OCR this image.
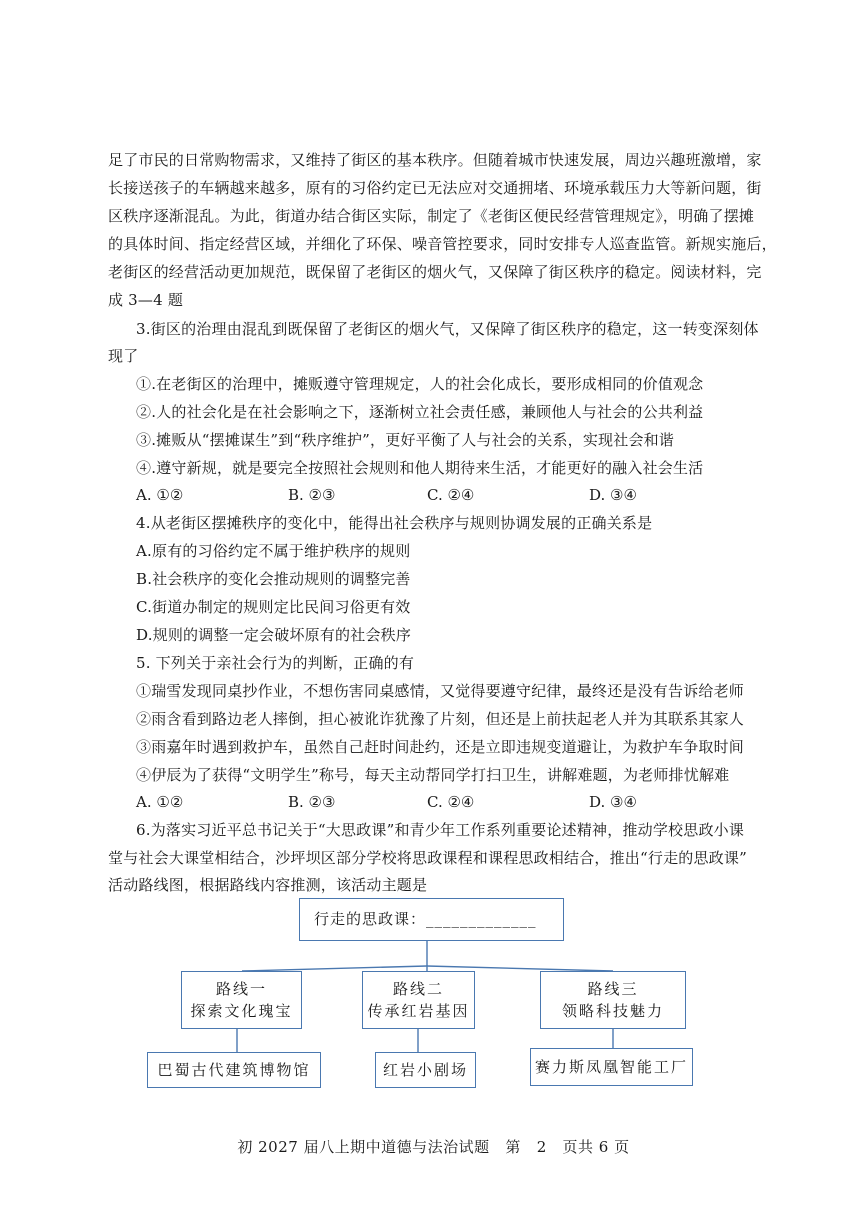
足了市民的日常购物需求，又维持了街区的基本秩序。但随着城市快速发展，周边兴趣班激增，家
长接送孩子的车辆越来越多，原有的习俗约定已无法应对交通拥堵、环境承载压力大等新问题，街
区秩序逐渐混乱。为此，街道办结合街区实际，制定了《老街区便民经营管理规定》，明确了摆摊
的具体时间、指定经营区域，并细化了环保、噪音管控要求，同时安排专人巡查监管。新规实施后，
老街区的经营活动更加规范，既保留了老街区的烟火气，又保障了街区秩序的稳定。阅读材料，完
成 3—4 题
3.街区的治理由混乱到既保留了老街区的烟火气，又保障了街区秩序的稳定，这一转变深刻体
现了
①.在老街区的治理中，摊贩遵守管理规定，人的社会化成长，要形成相同的价值观念
②.人的社会化是在社会影响之下，逐渐树立社会责任感，兼顾他人与社会的公共利益
③.摊贩从“摆摊谋生”到“秩序维护”，更好平衡了人与社会的关系，实现社会和谐
④.遵守新规，就是要完全按照社会规则和他人期待来生活，才能更好的融入社会生活
A. ①②	B. ②③	C. ②④	D. ③④
4.从老街区摆摊秩序的变化中，能得出社会秩序与规则协调发展的正确关系是
A.原有的习俗约定不属于维护秩序的规则
B.社会秩序的变化会推动规则的调整完善
C.街道办制定的规则定比民间习俗更有效
D.规则的调整一定会破坏原有的社会秩序
5. 下列关于亲社会行为的判断，正确的有
①瑞雪发现同桌抄作业，不想伤害同桌感情，又觉得要遵守纪律，最终还是没有告诉给老师
②雨含看到路边老人摔倒，担心被讹诈犹豫了片刻，但还是上前扶起老人并为其联系其家人
③雨嘉年时遇到救护车，虽然自己赶时间赴约，还是立即违规变道避让，为救护车争取时间
④伊辰为了获得“文明学生”称号，每天主动帮同学打扫卫生，讲解难题，为老师排忧解难
A. ①②	B. ②③	C. ②④	D. ③④
6.为落实习近平总书记关于“大思政课”和青少年工作系列重要论述精神，推动学校思政小课
堂与社会大课堂相结合，沙坪坝区部分学校将思政课程和课程思政相结合，推出“行走的思政课”
活动路线图，根据路线内容推测，该活动主题是
行走的思政课：_____________
路线一
探索文化瑰宝
路线二
传承红岩基因
路线三
领略科技魅力
巴蜀古代建筑博物馆	红岩小剧场	赛力斯凤凰智能工厂
初 2027 届八上期中道德与法治试题   第   2   页共 6 页
